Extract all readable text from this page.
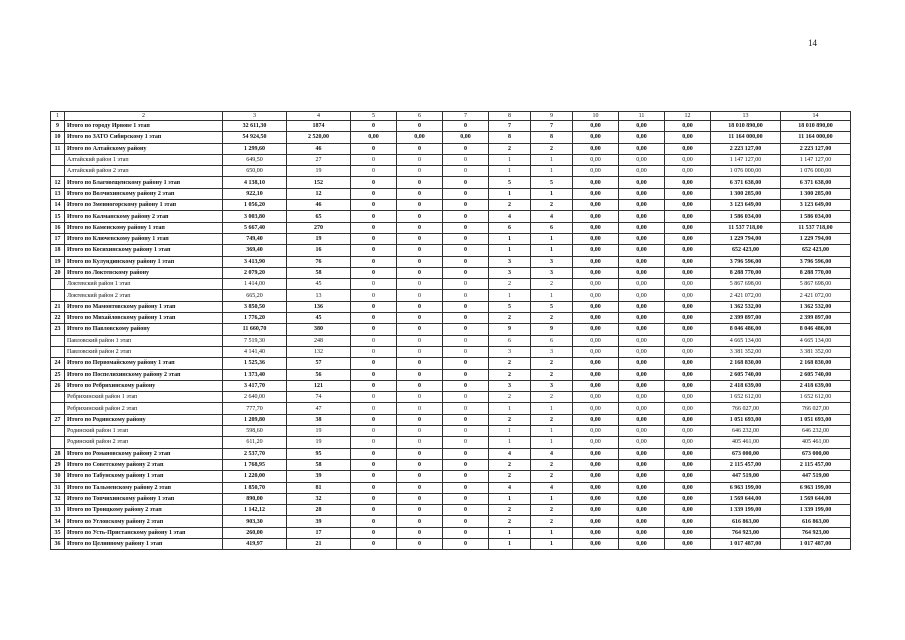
14
1	2	3	4	5	6	7	8	9	10	11	12	13	14
9	Итого по городу Ирвове 1 этап	32 611,30	1874	0	0	0	7	7	0,00	0,00	0,00	18 010 890,00	18 010 890,00
10	Итого по ЗАТО Сибирскому 1 этап	54 924,50	2 520,00	0,00	0,00	0,00	8	8	0,00	0,00	0,00	11 164 000,00	11 164 000,00
11	Итого по Алтайскому району	1 299,60	46	0	0	0	2	2	0,00	0,00	0,00	2 223 127,00	2 223 127,00
	Алтайский район 1 этап	649,50	27	0	0	0	1	1	0,00	0,00	0,00	1 147 127,00	1 147 127,00
	Алтайский район 2 этап	650,00	19	0	0	0	1	1	0,00	0,00	0,00	1 076 000,00	1 076 000,00
12	Итого по Благовещенскому району 1 этап	4 138,10	152	0	0	0	5	5	0,00	0,00	0,00	6 371 638,00	6 371 638,00
13	Итого по Волчихинскому району 2 этап	922,10	12	0	0	0	1	1	0,00	0,00	0,00	1 300 285,00	1 300 285,00
14	Итого по Змеиногорскому району 1 этап	1 056,20	46	0	0	0	2	2	0,00	0,00	0,00	3 123 649,00	3 123 649,00
15	Итого по Калманскому району 2 этап	3 003,80	65	0	0	0	4	4	0,00	0,00	0,00	1 586 034,00	1 586 034,00
16	Итого по Каменскому району 1 этап	5 667,40	270	0	0	0	6	6	0,00	0,00	0,00	11 537 718,00	11 537 718,00
17	Итого по Ключевскому району 1 этап	749,40	19	0	0	0	1	1	0,00	0,00	0,00	1 229 794,00	1 229 794,00
18	Итого по Косихинскому району 1 этап	369,40	16	0	0	0	1	1	0,00	0,00	0,00	652 423,00	652 423,00
19	Итого по Кулундинскому району 1 этап	3 413,90	76	0	0	0	3	3	0,00	0,00	0,00	3 796 596,00	3 796 596,00
20	Итого по Локтевскому району	2 079,20	58	0	0	0	3	3	0,00	0,00	0,00	8 288 770,00	8 288 770,00
	Локтевский район 1 этап	1 414,00	45	0	0	0	2	2	0,00	0,00	0,00	5 867 698,00	5 867 698,00
	Локтевский район 2 этап	665,20	13	0	0	0	1	1	0,00	0,00	0,00	2 421 072,00	2 421 072,00
21	Итого по Мамонтовскому району 1 этап	3 850,50	136	0	0	0	5	5	0,00	0,00	0,00	1 362 532,00	1 362 532,00
22	Итого по Михайловскому району 1 этап	1 776,20	45	0	0	0	2	2	0,00	0,00	0,00	2 399 897,00	2 399 897,00
23	Итого по Павловскому району	11 660,70	380	0	0	0	9	9	0,00	0,00	0,00	8 046 486,00	8 046 486,00
	Павловский район 1 этап	7 519,30	248	0	0	0	6	6	0,00	0,00	0,00	4 665 134,00	4 665 134,00
	Павловский район 2 этап	4 141,40	132	0	0	0	3	3	0,00	0,00	0,00	3 381 352,00	3 381 352,00
24	Итого по Первомайскому району 1 этап	1 525,36	57	0	0	0	2	2	0,00	0,00	0,00	2 168 830,00	2 168 830,00
25	Итого по Поспелихинскому району 2 этап	1 373,40	56	0	0	0	2	2	0,00	0,00	0,00	2 605 740,00	2 605 740,00
26	Итого по Ребрихинскому району	3 417,70	121	0	0	0	3	3	0,00	0,00	0,00	2 418 639,00	2 418 639,00
	Ребрихинский район 1 этап	2 640,00	74	0	0	0	2	2	0,00	0,00	0,00	1 652 612,00	1 652 612,00
	Ребрихинский район 2 этап	777,70	47	0	0	0	1	1	0,00	0,00	0,00	766 027,00	766 027,00
27	Итого по Родинскому району	1 209,80	38	0	0	0	2	2	0,00	0,00	0,00	1 051 693,00	1 051 693,00
	Родинский район 1 этап	598,60	19	0	0	0	1	1	0,00	0,00	0,00	646 232,00	646 232,00
	Родинский район 2 этап	611,20	19	0	0	0	1	1	0,00	0,00	0,00	405 461,00	405 461,00
28	Итого по Романовскому району 2 этап	2 537,70	95	0	0	0	4	4	0,00	0,00	0,00	673 000,00	673 000,00
29	Итого по Советскому району 2 этап	1 768,95	58	0	0	0	2	2	0,00	0,00	0,00	2 115 457,00	2 115 457,00
30	Итого по Табунскому району 1 этап	1 220,00	39	0	0	0	2	2	0,00	0,00	0,00	447 519,00	447 519,00
31	Итого по Тальменскому району 2 этап	1 850,70	81	0	0	0	4	4	0,00	0,00	0,00	6 963 199,00	6 963 199,00
32	Итого по Топчихинскому району 1 этап	890,00	32	0	0	0	1	1	0,00	0,00	0,00	1 569 644,00	1 569 644,00
33	Итого по Троицкому району 2 этап	1 142,12	28	0	0	0	2	2	0,00	0,00	0,00	1 339 199,00	1 339 199,00
34	Итого по Угловскому району 2 этап	903,30	39	0	0	0	2	2	0,00	0,00	0,00	616 863,00	616 863,00
35	Итого по Усть-Пристанскому району 1 этап	260,00	17	0	0	0	1	1	0,00	0,00	0,00	764 923,00	764 923,00
36	Итого по Целинному району 1 этап	419,97	21	0	0	0	1	1	0,00	0,00	0,00	1 017 487,00	1 017 487,00
